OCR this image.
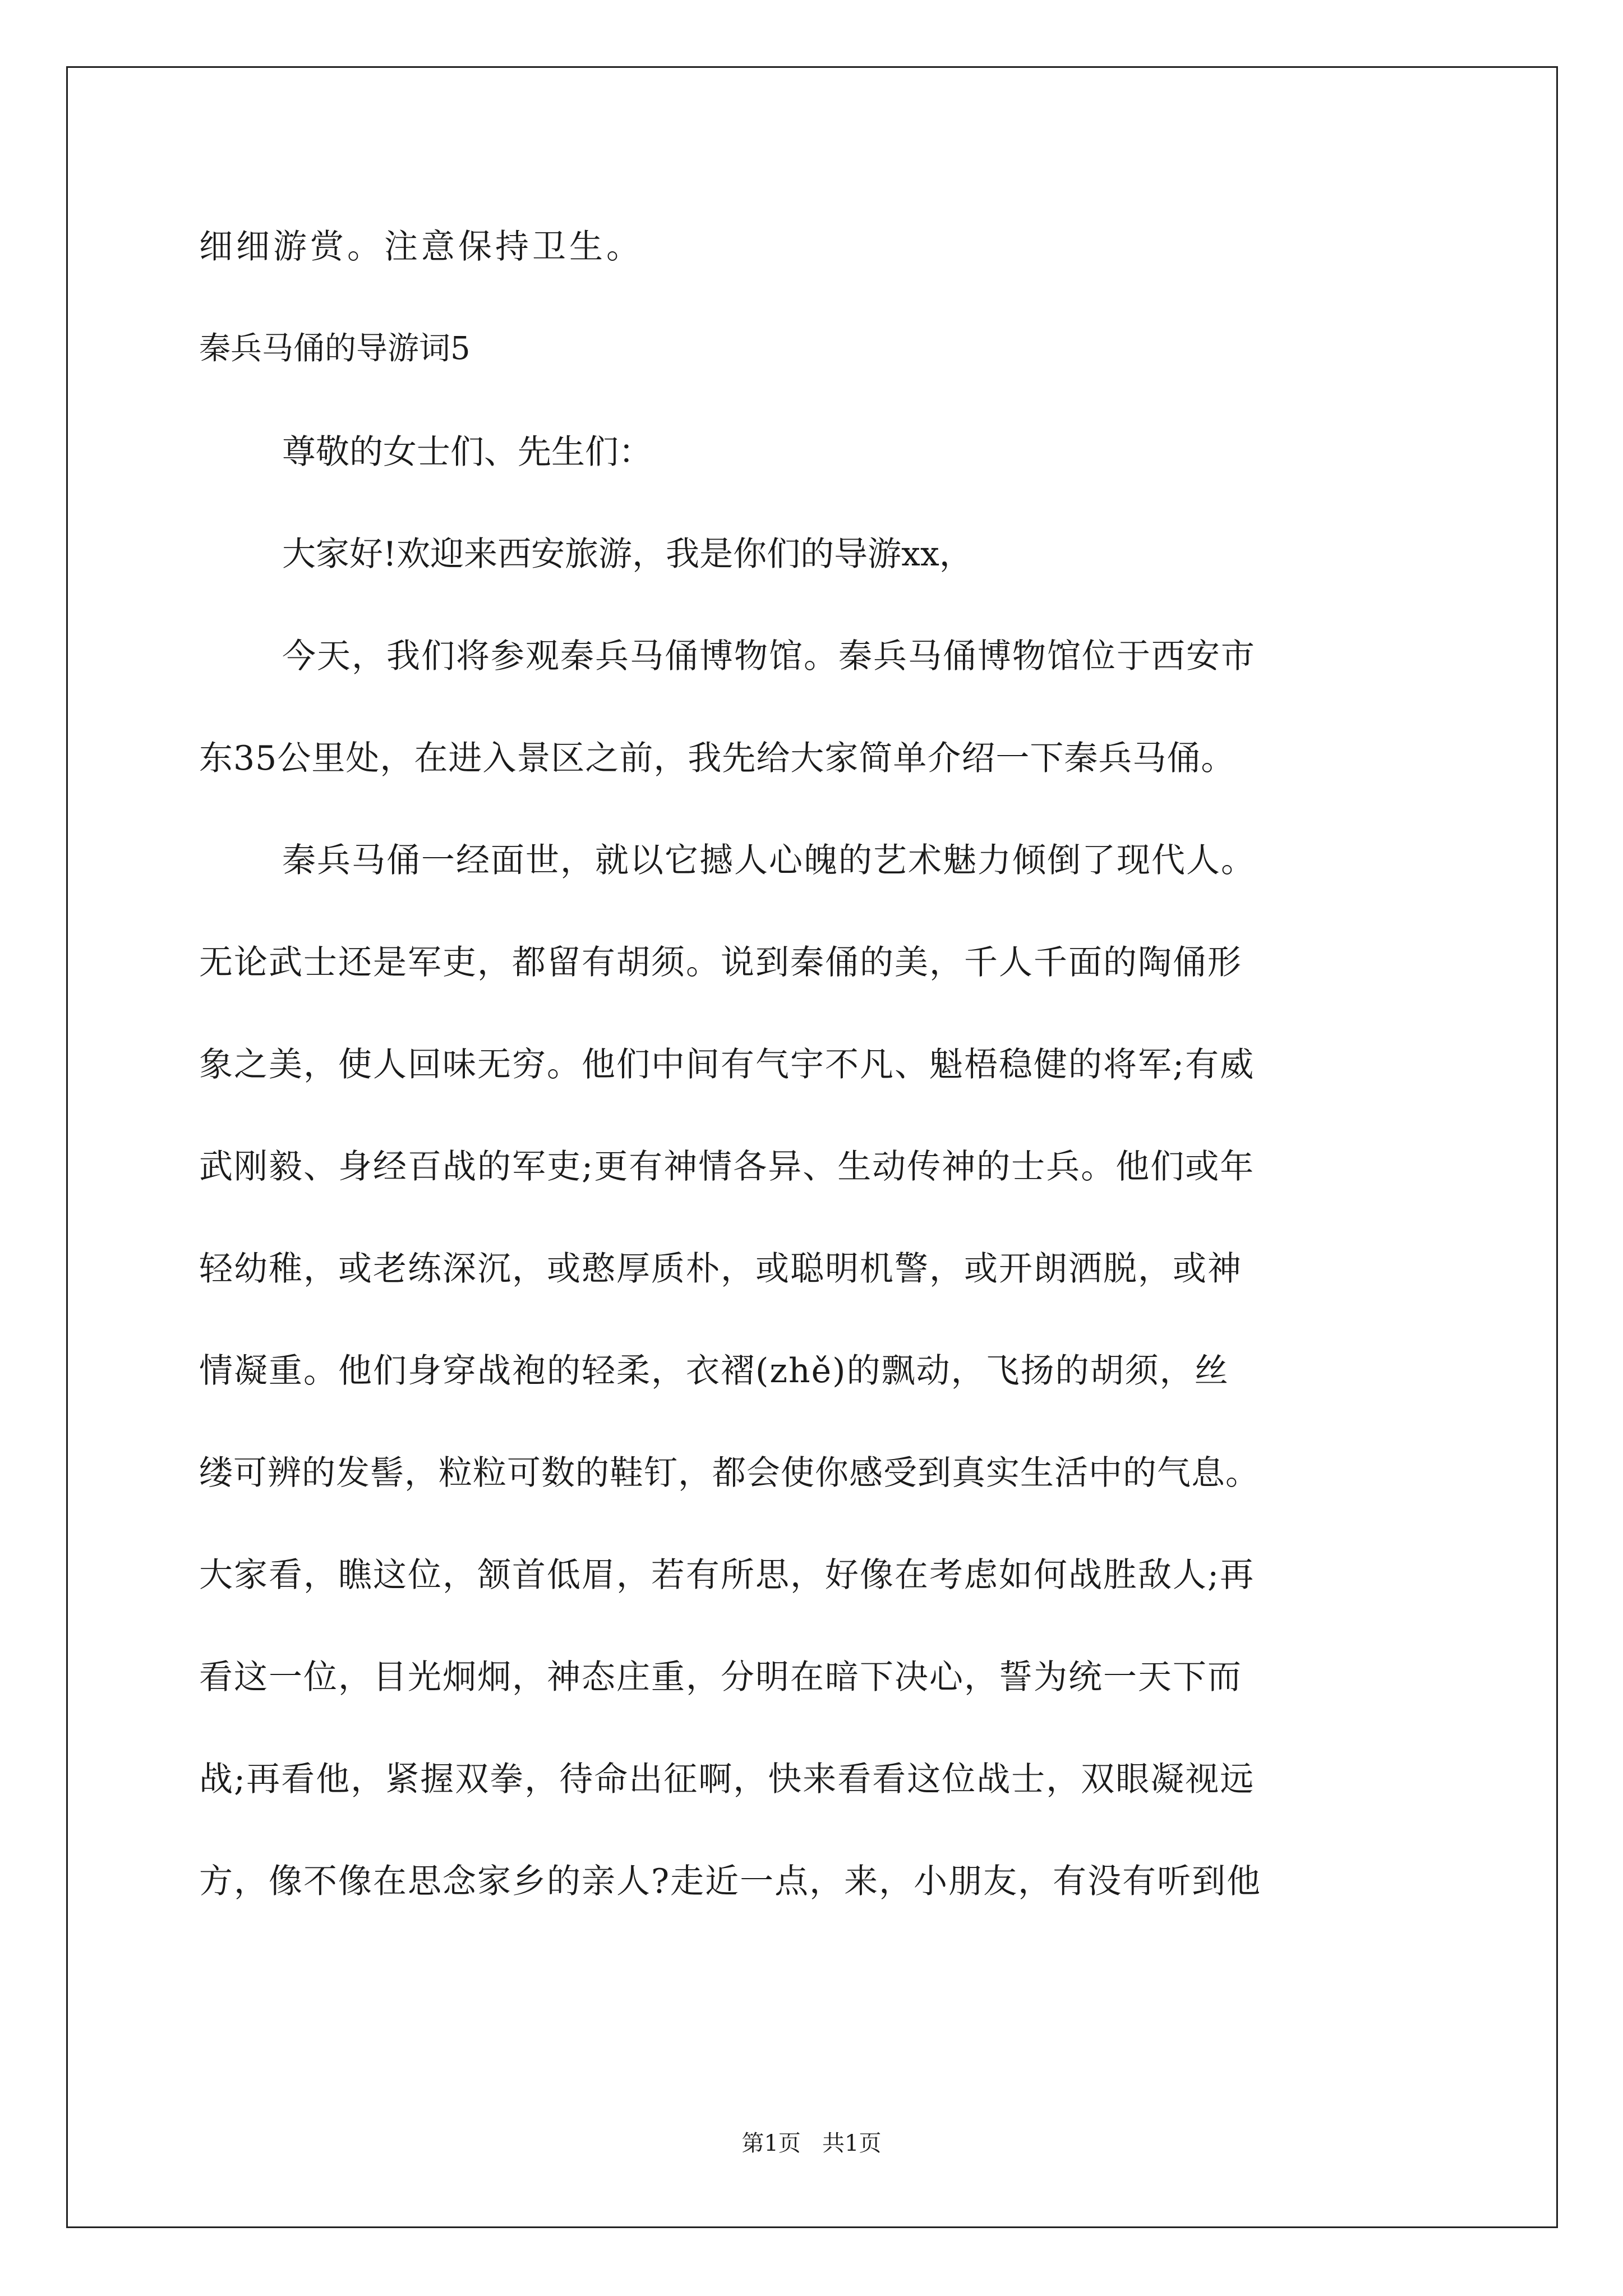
细细游赏。注意保持卫生。
秦兵马俑的导游词5
尊敬的女士们、先生们：
大家好!欢迎来西安旅游，我是你们的导游xx，
今天，我们将参观秦兵马俑博物馆。秦兵马俑博物馆位于西安市
东35公里处，在进入景区之前，我先给大家简单介绍一下秦兵马俑。
秦兵马俑一经面世，就以它撼人心魄的艺术魅力倾倒了现代人。
无论武士还是军吏，都留有胡须。说到秦俑的美，千人千面的陶俑形
象之美，使人回味无穷。他们中间有气宇不凡、魁梧稳健的将军;有威
武刚毅、身经百战的军吏;更有神情各异、生动传神的士兵。他们或年
轻幼稚，或老练深沉，或憨厚质朴，或聪明机警，或开朗洒脱，或神
情凝重。他们身穿战袍的轻柔，衣褶(zhě)的飘动，飞扬的胡须，丝
缕可辨的发髻，粒粒可数的鞋钉，都会使你感受到真实生活中的气息。
大家看，瞧这位，颔首低眉，若有所思，好像在考虑如何战胜敌人;再
看这一位，目光炯炯，神态庄重，分明在暗下决心，誓为统一天下而
战;再看他，紧握双拳，待命出征啊，快来看看这位战士，双眼凝视远
方，像不像在思念家乡的亲人?走近一点，来，小朋友，有没有听到他
第1页   共1页
